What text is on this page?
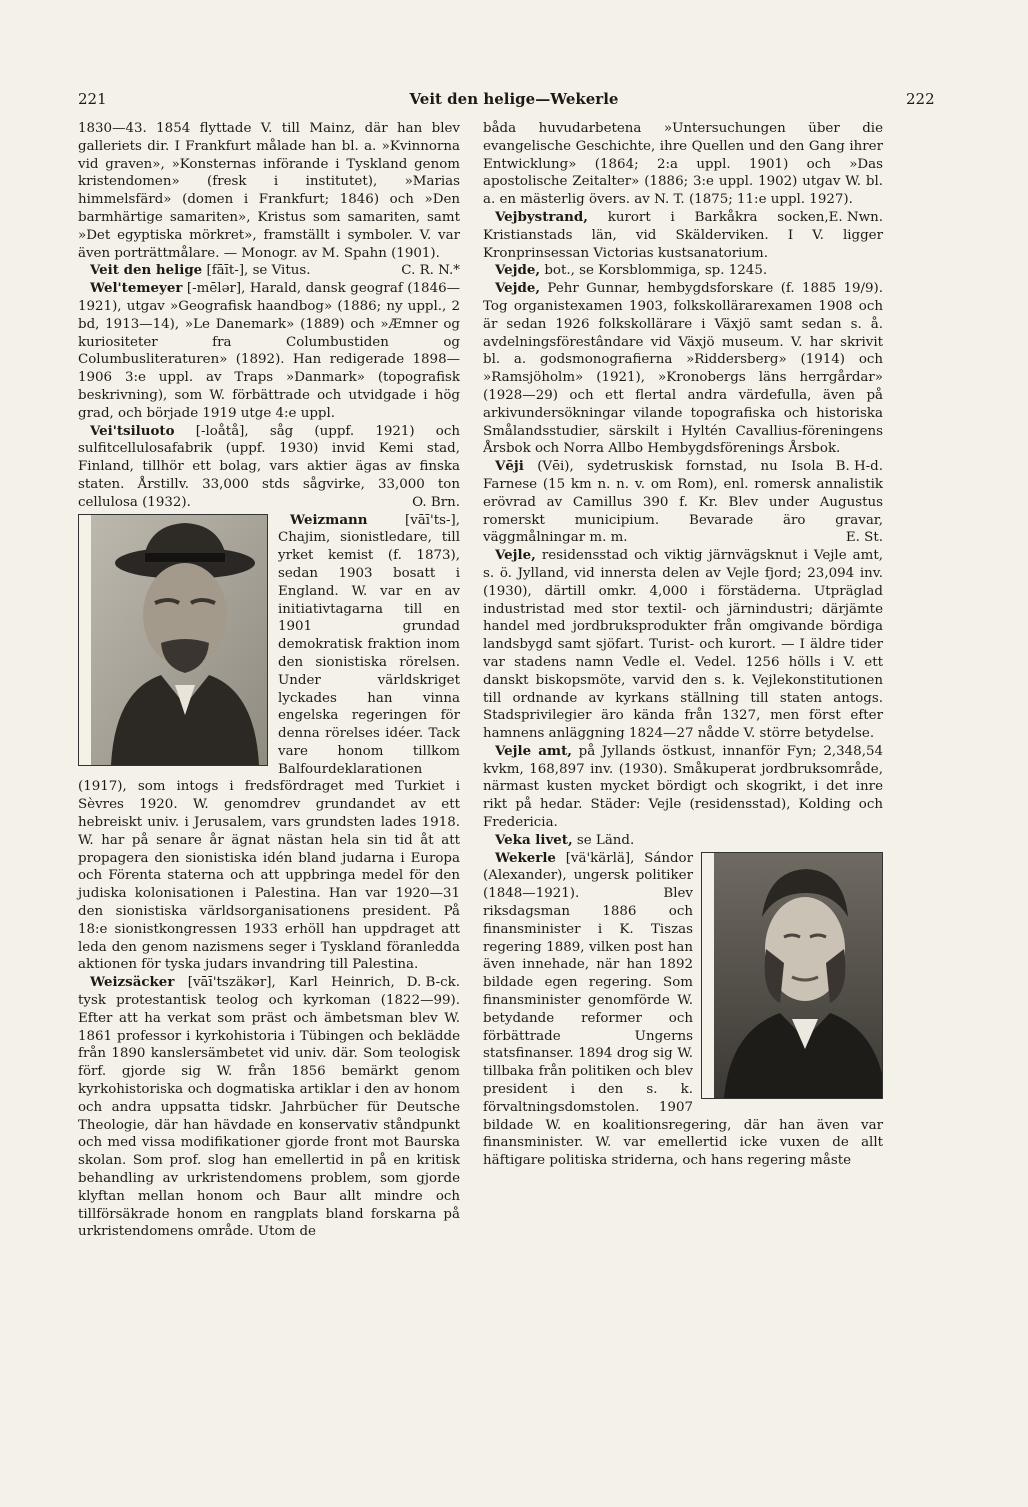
221	Veit den helige—Wekerle	222

1830—43. 1854 flyttade V. till Mainz, där han blev galleriets dir. I Frankfurt målade han bl. a. »Kvinnorna vid graven», »Konsternas införande i Tyskland genom kristendomen» (fresk i institutet), »Marias himmelsfärd» (domen i Frankfurt; 1846) och »Den barmhärtige samariten», Kristus som samariten, samt »Det egyptiska mörkret», framställt i symboler. V. var även porträttmålare. — Monogr. av M. Spahn (1901).
C. R. N.*

Veit den helige [fāīt-], se Vitus.

Wel'temeyer [-mēlər], Harald, dansk geograf (1846—1921), utgav »Geografisk haandbog» (1886; ny uppl., 2 bd, 1913—14), »Le Danemark» (1889) och »Æmner og kuriositeter fra Columbustiden og Columbusliteraturen» (1892). Han redigerade 1898—1906 3:e uppl. av Traps »Danmark» (topografisk beskrivning), som W. förbättrade och utvidgade i hög grad, och började 1919 utge 4:e uppl.

Vei'tsiluoto [-loåtå], såg (uppf. 1921) och sulfitcellulosafabrik (uppf. 1930) invid Kemi stad, Finland, tillhör ett bolag, vars aktier ägas av finska staten. Årstillv. 33,000 stds sågvirke, 33,000 ton cellulosa (1932).	O. Brn.

Weizmann	[vāī'ts-], Chajim, sionistledare, till yrket kemist (f. 1873), sedan 1903 bosatt i England. W. var en av initiativtagarna till en 1901 grundad demokratisk fraktion inom den sionistiska rörelsen. Under världskriget lyckades han vinna engelska regeringen för denna rörelses idéer. Tack vare honom tillkom Balfourdeklarationen (1917), som intogs i fredsfördraget med Turkiet i Sèvres 1920. W. genomdrev grundandet av ett hebreiskt univ. i Jerusalem, vars grundsten lades 1918. W. har på senare år ägnat nästan hela sin tid åt att propagera den sionistiska idén bland judarna i Europa och Förenta staterna och att uppbringa medel för den judiska kolonisationen i Palestina. Han var 1920—31 den sionistiska världsorganisationens president. På 18:e sionistkongressen 1933 erhöll han uppdraget att leda den genom nazismens seger i Tyskland föranledda aktionen för tyska judars invandring till Palestina.
D. B-ck.

Weizsäcker [vāī'tszäkər], Karl Heinrich, tysk protestantisk teolog och kyrkoman (1822—99). Efter att ha verkat som präst och ämbetsman blev W. 1861 professor i kyrkohistoria i Tübingen och beklädde från 1890 kanslersämbetet vid univ. där. Som teologisk förf. gjorde sig W. från 1856 bemärkt genom kyrkohistoriska och dogmatiska artiklar i den av honom och andra uppsatta tidskr. Jahrbücher für Deutsche Theologie, där han hävdade en konservativ ståndpunkt och med vissa modifikationer gjorde front mot Baurska skolan. Som prof. slog han emellertid in på en kritisk behandling av urkristendomens problem, som gjorde klyftan mellan honom och Baur allt mindre och tillförsäkrade honom en rangplats bland forskarna på urkristendomens område. Utom de

båda huvudarbetena »Untersuchungen über die evangelische Geschichte, ihre Quellen und den Gang ihrer Entwicklung» (1864; 2:a uppl. 1901) och »Das apostolische Zeitalter» (1886; 3:e uppl. 1902) utgav W. bl. a. en mästerlig övers. av N. T. (1875; 11:e uppl. 1927).
E. Nwn.

Vejbystrand, kurort i Barkåkra socken, Kristianstads län, vid Skälderviken. I V. ligger Kronprinsessan Victorias kustsanatorium.

Vejde, bot., se Korsblommiga, sp. 1245.

Vejde, Pehr Gunnar, hembygdsforskare (f. 1885 19/9). Tog organistexamen 1903, folkskollärarexamen 1908 och är sedan 1926 folkskollärare i Växjö samt sedan s. å. avdelningsförestândare vid Växjö museum. V. har skrivit bl. a. godsmonografierna »Riddersberg» (1914) och »Ramsjöholm» (1921), »Kronobergs läns herrgårdar» (1928—29) och ett flertal andra värdefulla, även på arkivundersökningar vilande topografiska och historiska Smålandsstudier, särskilt i Hyltén Cavallius-föreningens Årsbok och Norra Allbo Hembygdsförenings Årsbok.
B. H-d.

Vēji (Vēi), sydetruskisk fornstad, nu Isola Farnese (15 km n. n. v. om Rom), enl. romersk annalistik erövrad av Camillus 390 f. Kr. Blev under Augustus romerskt municipium. Bevarade äro gravar, väggmålningar m. m.	E. St.

Vejle, residensstad och viktig järnvägsknut i Vejle amt, s. ö. Jylland, vid innersta delen av Vejle fjord; 23,094 inv. (1930), därtill omkr. 4,000 i förstäderna. Utpräglad industristad med stor textil- och järnindustri; därjämte handel med jordbruksprodukter från omgivande bördiga landsbygd samt sjöfart. Turist- och kurort. — I äldre tider var stadens namn Vedle el. Vedel. 1256 hölls i V. ett danskt biskopsmöte, varvid den s. k. Vejlekonstitutionen till ordnande av kyrkans ställning till staten antogs. Stadsprivilegier äro kända från 1327, men först efter hamnens anläggning 1824—27 nådde V. större betydelse.

Vejle amt, på Jyllands östkust, innanför Fyn; 2,348,54 kvkm, 168,897 inv. (1930). Småkuperat jordbruksområde, närmast kusten mycket bördigt och skogrikt, i det inre rikt på hedar. Städer: Vejle (residensstad), Kolding och Fredericia.

Veka livet, se Länd.

Wekerle
[vä'kärlä], Sándor (Alexander), ungersk politiker (1848—1921). Blev riksdagsman 1886 och finansminister i K. Tiszas regering 1889, vilken post han även innehade, när han 1892 bildade egen regering. Som finansminister genomförde W. betydande reformer och förbättrade Ungerns statsfinanser. 1894 drog sig W. tillbaka från politiken och blev president i den s. k. förvaltningsdomstolen. 1907 bildade W. en koalitionsregering, där han även var finansminister. W. var emellertid icke vuxen de allt häftigare politiska striderna, och hans regering måste
